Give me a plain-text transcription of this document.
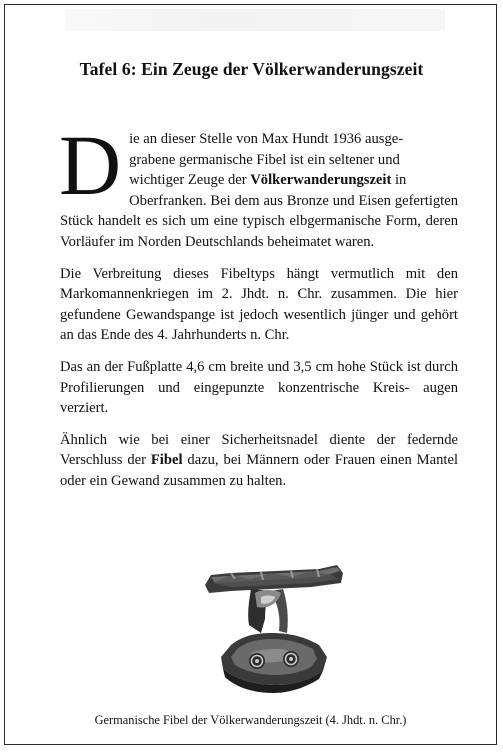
Tafel 6: Ein Zeuge der Völkerwanderungszeit

D ie an dieser Stelle von Max Hundt 1936 ausge-
grabene germanische Fibel ist ein seltener und
wichtiger Zeuge der Völkerwanderungszeit in
Oberfranken. Bei dem aus Bronze und Eisen gefertigten Stück handelt es sich um eine typisch elbgermanische Form, deren Vorläufer im Norden Deutschlands beheimatet waren.

Die Verbreitung dieses Fibeltyps hängt vermutlich mit den Markomannenkriegen im 2. Jhdt. n. Chr. zusammen. Die hier gefundene Gewandspange ist jedoch wesentlich jünger und gehört an das Ende des 4. Jahrhunderts n. Chr.

Das an der Fußplatte 4,6 cm breite und 3,5 cm hohe Stück ist durch Profilierungen und eingepunzte konzentrische Kreis- augen verziert.

Ähnlich wie bei einer Sicherheitsnadel diente der federnde Verschluss der Fibel dazu, bei Männern oder Frauen einen Mantel oder ein Gewand zusammen zu halten.

Germanische Fibel der Völkerwanderungszeit (4. Jhdt. n. Chr.)
